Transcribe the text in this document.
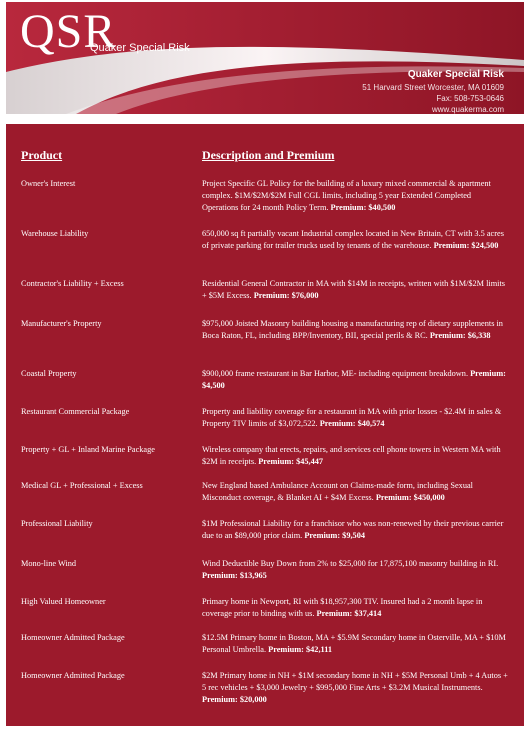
QSR
Quaker Special Risk
Quaker Special Risk
51 Harvard Street Worcester, MA 01609
Fax: 508-753-0646
www.quakerma.com
Product	Description and Premium
Owner's Interest	Project Specific GL Policy for the building of a luxury mixed commercial & apartment complex. $1M/$2M/$2M Full CGL limits, including 5 year Extended Completed Operations for 24 month Policy Term. Premium: $40,500
Warehouse Liability	650,000 sq ft partially vacant Industrial complex located in New Britain, CT with 3.5 acres of private parking for trailer trucks used by tenants of the warehouse. Premium: $24,500
Contractor's Liability + Excess	Residential General Contractor in MA with $14M in receipts, written with $1M/$2M limits + $5M Excess. Premium: $76,000
Manufacturer's Property	$975,000 Joisted Masonry building housing a manufacturing rep of dietary supplements in Boca Raton, FL, including BPP/Inventory, BII, special perils & RC. Premium: $6,338
Coastal Property	$900,000 frame restaurant in Bar Harbor, ME- including equipment breakdown. Premium: $4,500
Restaurant Commercial Package	Property and liability coverage for a restaurant in MA with prior losses - $2.4M in sales & Property TIV limits of $3,072,522. Premium: $40,574
Property + GL + Inland Marine Package	Wireless company that erects, repairs, and services cell phone towers in Western MA with $2M in receipts. Premium: $45,447
Medical GL + Professional + Excess	New England based Ambulance Account on Claims-made form, including Sexual Misconduct coverage, & Blanket AI + $4M Excess. Premium: $450,000
Professional Liability	$1M Professional Liability for a franchisor who was non-renewed by their previous carrier due to an $89,000 prior claim. Premium: $9,504
Mono-line Wind	Wind Deductible Buy Down from 2% to $25,000 for 17,875,100 masonry building in RI. Premium: $13,965
High Valued Homeowner	Primary home in Newport, RI with $18,957,300 TIV. Insured had a 2 month lapse in coverage prior to binding with us. Premium: $37,414
Homeowner Admitted Package	$12.5M Primary home in Boston, MA + $5.9M Secondary home in Osterville, MA + $10M Personal Umbrella. Premium: $42,111
Homeowner Admitted Package	$2M Primary home in NH + $1M secondary home in NH + $5M Personal Umb + 4 Autos + 5 rec vehicles + $3,000 Jewelry + $995,000 Fine Arts + $3.2M Musical Instruments. Premium: $20,000
